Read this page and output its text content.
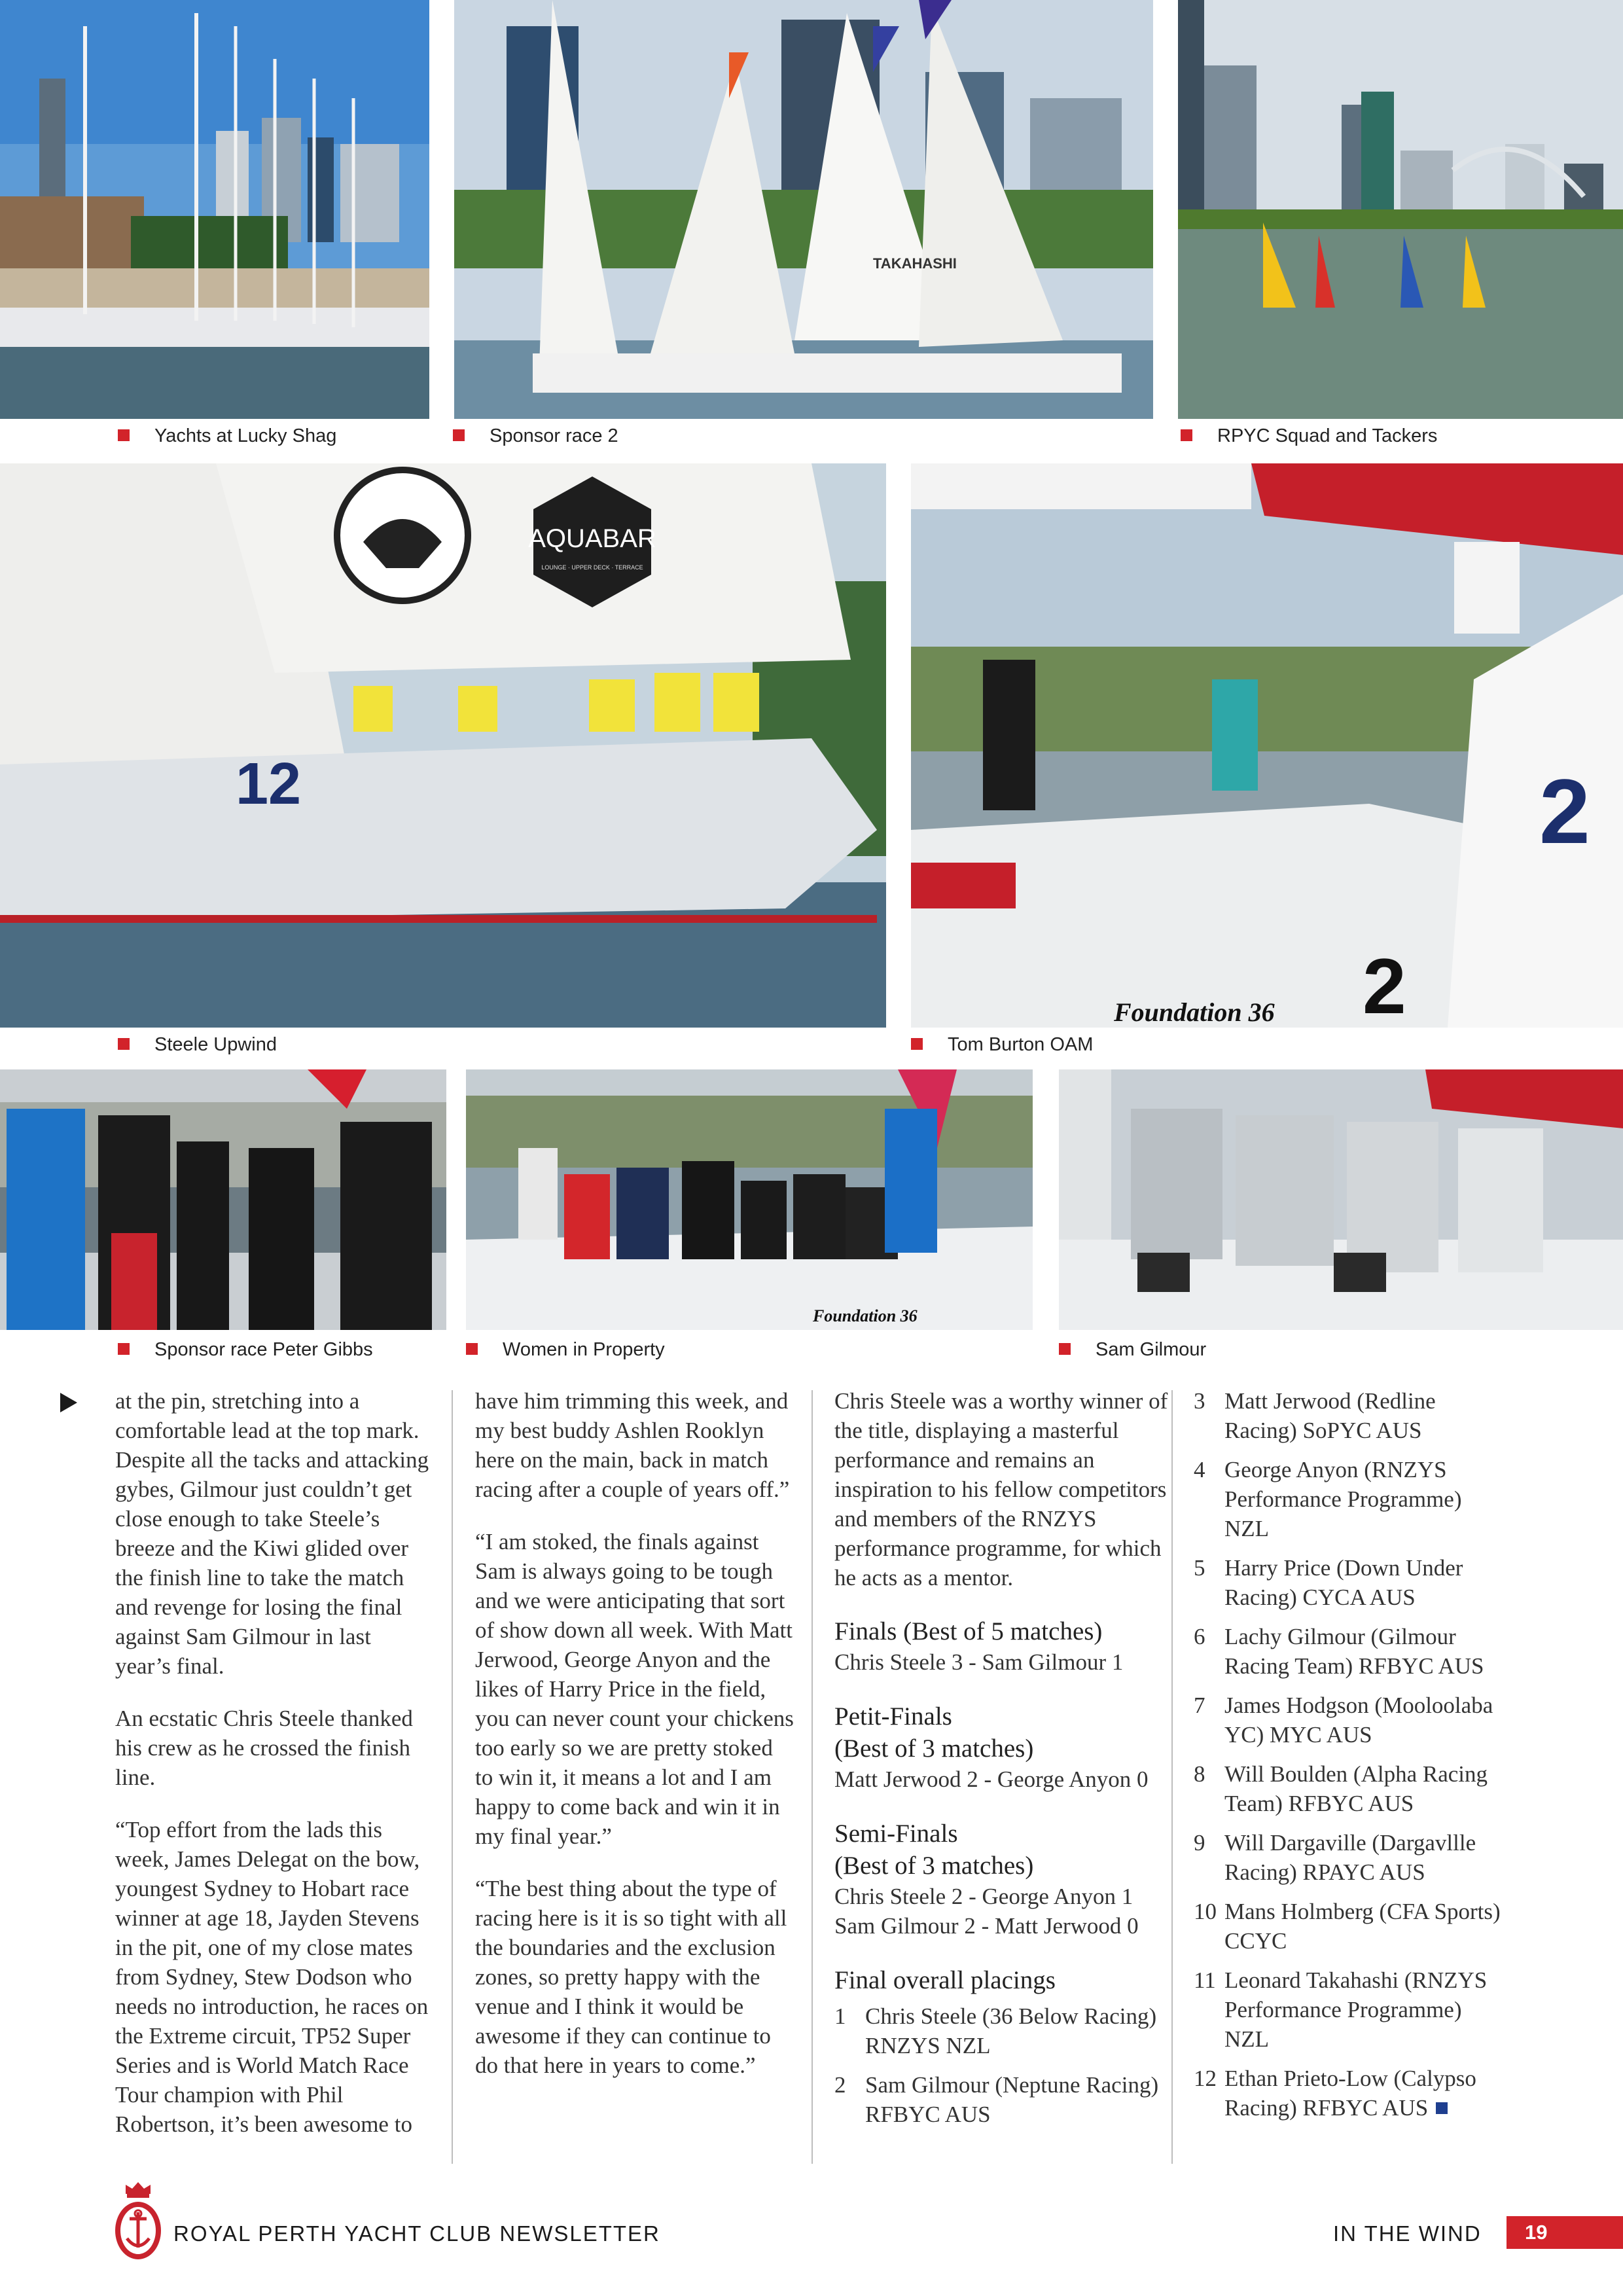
Yachts at Lucky Shag
TAKAHASHI
Sponsor race 2	RPYC Squad and Tackers
AQUABAR
LOUNGE · UPPER DECK · TERRACE
12
Steele Upwind
2
2
Foundation 36
Tom Burton OAM
Sponsor race Peter Gibbs
Foundation 36
Women in Property	Sam Gilmour

at the pin, stretching into a comfortable lead at the top mark. Despite all the tacks and attacking gybes, Gilmour just couldn’t get close enough to take Steele’s breeze and the Kiwi glided over the finish line to take the match and revenge for losing the final against Sam Gilmour in last year’s final.

An ecstatic Chris Steele thanked his crew as he crossed the finish line.

“Top effort from the lads this week, James Delegat on the bow, youngest Sydney to Hobart race winner at age 18, Jayden Stevens in the pit, one of my close mates from Sydney, Stew Dodson who needs no introduction, he races on the Extreme circuit, TP52 Super Series and is World Match Race Tour champion with Phil Robertson, it’s been awesome to

have him trimming this week, and my best buddy Ashlen Rooklyn here on the main, back in match racing after a couple of years off.”

“I am stoked, the finals against Sam is always going to be tough and we were anticipating that sort of show down all week. With Matt Jerwood, George Anyon and the likes of Harry Price in the field, you can never count your chickens too early so we are pretty stoked to win it, it means a lot and I am happy to come back and win it in my final year.”

“The best thing about the type of racing here is it is so tight with all the boundaries and the exclusion zones, so pretty happy with the venue and I think it would be awesome if they can continue to do that here in years to come.”

Chris Steele was a worthy winner of the title, displaying a masterful performance and remains an inspiration to his fellow competitors and members of the RNZYS performance programme, for which he acts as a mentor.

Finals (Best of 5 matches)
Chris Steele 3 - Sam Gilmour 1
Petit-Finals
(Best of 3 matches)
Matt Jerwood 2 - George Anyon 0
Semi-Finals
(Best of 3 matches)
Chris Steele 2 - George Anyon 1
Sam Gilmour 2 - Matt Jerwood 0
Final overall placings
1 Chris Steele (36 Below Racing) RNZYS NZL
2 Sam Gilmour (Neptune Racing) RFBYC AUS
3 Matt Jerwood (Redline Racing) SoPYC AUS
4 George Anyon (RNZYS Performance Programme) NZL
5 Harry Price (Down Under Racing) CYCA AUS
6 Lachy Gilmour (Gilmour Racing Team) RFBYC AUS
7 James Hodgson (Mooloolaba YC) MYC AUS
8 Will Boulden (Alpha Racing Team) RFBYC AUS
9 Will Dargaville (Dargavllle Racing) RPAYC AUS
10 Mans Holmberg (CFA Sports) CCYC
11 Leonard Takahashi (RNZYS Performance Programme) NZL
12 Ethan Prieto-Low (Calypso Racing) RFBYC AUS
ROYAL PERTH YACHT CLUB NEWSLETTER	IN THE WIND	19
